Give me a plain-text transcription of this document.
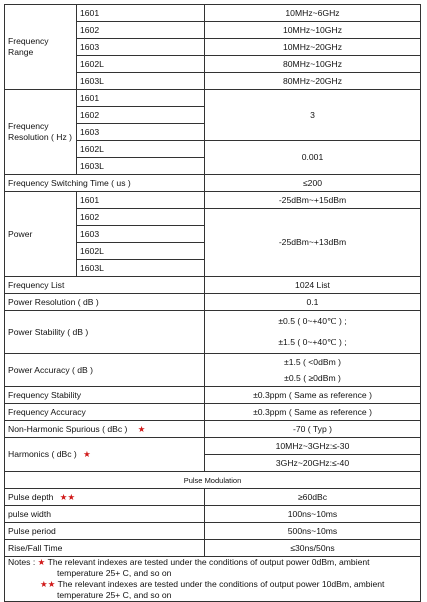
Frequency Range	1601	10MHz~6GHz
	1602	10MHz~10GHz
	1603	10MHz~20GHz
	1602L	80MHz~10GHz
	1603L	80MHz~20GHz
Frequency Resolution ( Hz )	1601	3
	1602	
	1603	
	1602L	0.001
	1603L	
Frequency Switching Time ( us )		≤200
Power	1601	-25dBm~+15dBm
	1602	-25dBm~+13dBm
	1603	
	1602L	
	1603L	
Frequency List		1024 List
Power Resolution ( dB )		0.1
Power Stability ( dB )		±0.5 ( 0~+40℃ ) ;
		±1.5 ( 0~+40℃ ) ;
Power Accuracy ( dB )		±1.5 ( <0dBm )
		±0.5 ( ≥0dBm )
Frequency Stability		±0.3ppm ( Same as reference )
Frequency Accuracy		±0.3ppm ( Same as reference )
Non-Harmonic Spurious ( dBc ) ★		-70 ( Typ )
Harmonics ( dBc ) ★		10MHz~3GHz:≤-30
		3GHz~20GHz:≤-40
Pulse Modulation		
Pulse depth ★★		≥60dBc
pulse width		100ns~10ms
Pulse period		500ns~10ms
Rise/Fall Time		≤30ns/50ns

Notes : ★ The relevant indexes are tested under the conditions of output power 0dBm, ambient
temperature 25+ C, and so on
★★ The relevant indexes are tested under the conditions of output power 10dBm, ambient
temperature 25+ C, and so on		
